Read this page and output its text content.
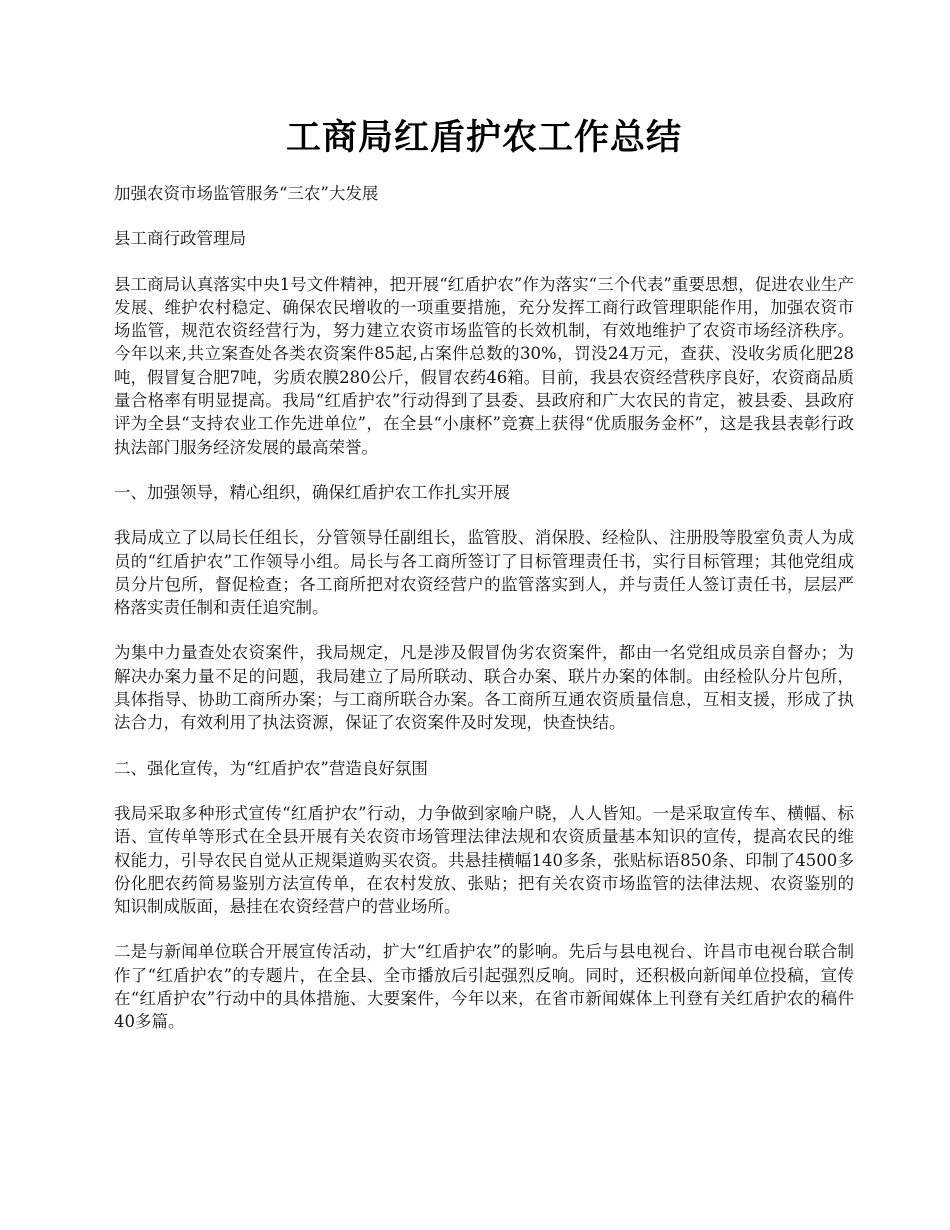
工商局红盾护农工作总结

加强农资市场监管服务“三农”大发展

县工商行政管理局

县工商局认真落实中央1号文件精神，把开展“红盾护农”作为落实“三个代表”重要思想，促进农业生产发展、维护农村稳定、确保农民增收的一项重要措施，充分发挥工商行政管理职能作用，加强农资市场监管，规范农资经营行为，努力建立农资市场监管的长效机制，有效地维护了农资市场经济秩序。今年以来,共立案查处各类农资案件85起,占案件总数的30%，罚没24万元，查获、没收劣质化肥28吨，假冒复合肥7吨，劣质农膜280公斤，假冒农药46箱。目前，我县农资经营秩序良好，农资商品质量合格率有明显提高。我局“红盾护农”行动得到了县委、县政府和广大农民的肯定，被县委、县政府评为全县“支持农业工作先进单位”，在全县“小康杯”竞赛上获得“优质服务金杯”，这是我县表彰行政执法部门服务经济发展的最高荣誉。

一、加强领导，精心组织，确保红盾护农工作扎实开展

我局成立了以局长任组长，分管领导任副组长，监管股、消保股、经检队、注册股等股室负责人为成员的“红盾护农”工作领导小组。局长与各工商所签订了目标管理责任书，实行目标管理；其他党组成员分片包所，督促检查；各工商所把对农资经营户的监管落实到人，并与责任人签订责任书，层层严格落实责任制和责任追究制。

为集中力量查处农资案件，我局规定，凡是涉及假冒伪劣农资案件，都由一名党组成员亲自督办；为解决办案力量不足的问题，我局建立了局所联动、联合办案、联片办案的体制。由经检队分片包所，具体指导、协助工商所办案；与工商所联合办案。各工商所互通农资质量信息，互相支援，形成了执法合力，有效利用了执法资源，保证了农资案件及时发现，快查快结。

二、强化宣传，为“红盾护农”营造良好氛围

我局采取多种形式宣传“红盾护农”行动，力争做到家喻户晓，人人皆知。一是采取宣传车、横幅、标语、宣传单等形式在全县开展有关农资市场管理法律法规和农资质量基本知识的宣传，提高农民的维权能力，引导农民自觉从正规渠道购买农资。共悬挂横幅140多条，张贴标语850条、印制了4500多份化肥农药简易鉴别方法宣传单，在农村发放、张贴；把有关农资市场监管的法律法规、农资鉴别的知识制成版面，悬挂在农资经营户的营业场所。

二是与新闻单位联合开展宣传活动，扩大“红盾护农”的影响。先后与县电视台、许昌市电视台联合制作了“红盾护农”的专题片，在全县、全市播放后引起强烈反响。同时，还积极向新闻单位投稿，宣传在“红盾护农”行动中的具体措施、大要案件，今年以来，在省市新闻媒体上刊登有关红盾护农的稿件40多篇。
